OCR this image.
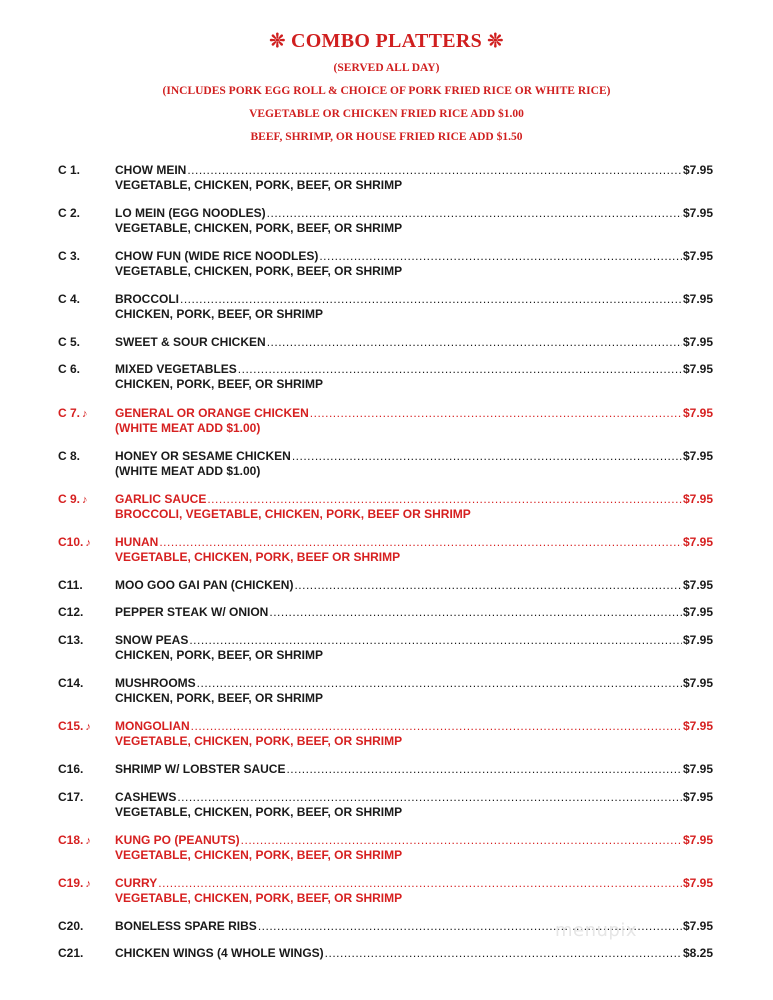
❊ COMBO PLATTERS ❊
(SERVED ALL DAY)
(INCLUDES PORK EGG ROLL & CHOICE OF PORK FRIED RICE OR WHITE RICE)
VEGETABLE OR CHICKEN FRIED RICE ADD $1.00
BEEF, SHRIMP, OR HOUSE FRIED RICE ADD $1.50
C 1.	CHOW MEIN .....	$7.95
VEGETABLE, CHICKEN, PORK, BEEF, OR SHRIMP
C 2.	LO MEIN (EGG NOODLES) .....	$7.95
VEGETABLE, CHICKEN, PORK, BEEF, OR SHRIMP
C 3.	CHOW FUN (WIDE RICE NOODLES) .....	$7.95
VEGETABLE, CHICKEN, PORK, BEEF, OR SHRIMP
C 4.	BROCCOLI .....	$7.95
CHICKEN, PORK, BEEF, OR SHRIMP
C 5.	SWEET & SOUR CHICKEN .....	$7.95
C 6.	MIXED VEGETABLES .....	$7.95
CHICKEN, PORK, BEEF, OR SHRIMP
C 7. ♪ GENERAL OR ORANGE CHICKEN .....	$7.95
(WHITE MEAT ADD $1.00)
C 8.	HONEY OR SESAME CHICKEN .....	$7.95
(WHITE MEAT ADD $1.00)
C 9. ♪ GARLIC SAUCE .....	$7.95
BROCCOLI, VEGETABLE, CHICKEN, PORK, BEEF OR SHRIMP
C10. ♪ HUNAN .....	$7.95
VEGETABLE, CHICKEN, PORK, BEEF OR SHRIMP
C11.	MOO GOO GAI PAN (CHICKEN) .....	$7.95
C12.	PEPPER STEAK W/ ONION .....	$7.95
C13.	SNOW PEAS .....	$7.95
CHICKEN, PORK, BEEF, OR SHRIMP
C14.	MUSHROOMS .....	$7.95
CHICKEN, PORK, BEEF, OR SHRIMP
C15. ♪ MONGOLIAN .....	$7.95
VEGETABLE, CHICKEN, PORK, BEEF, OR SHRIMP
C16.	SHRIMP W/ LOBSTER SAUCE .....	$7.95
C17.	CASHEWS .....	$7.95
VEGETABLE, CHICKEN, PORK, BEEF, OR SHRIMP
C18. ♪ KUNG PO (PEANUTS) .....	$7.95
VEGETABLE, CHICKEN, PORK, BEEF, OR SHRIMP
C19. ♪ CURRY .....	$7.95
VEGETABLE, CHICKEN, PORK, BEEF, OR SHRIMP
C20.	BONELESS SPARE RIBS .....	$7.95
C21.	CHICKEN WINGS (4 WHOLE WINGS) .....	$8.25
menupix
